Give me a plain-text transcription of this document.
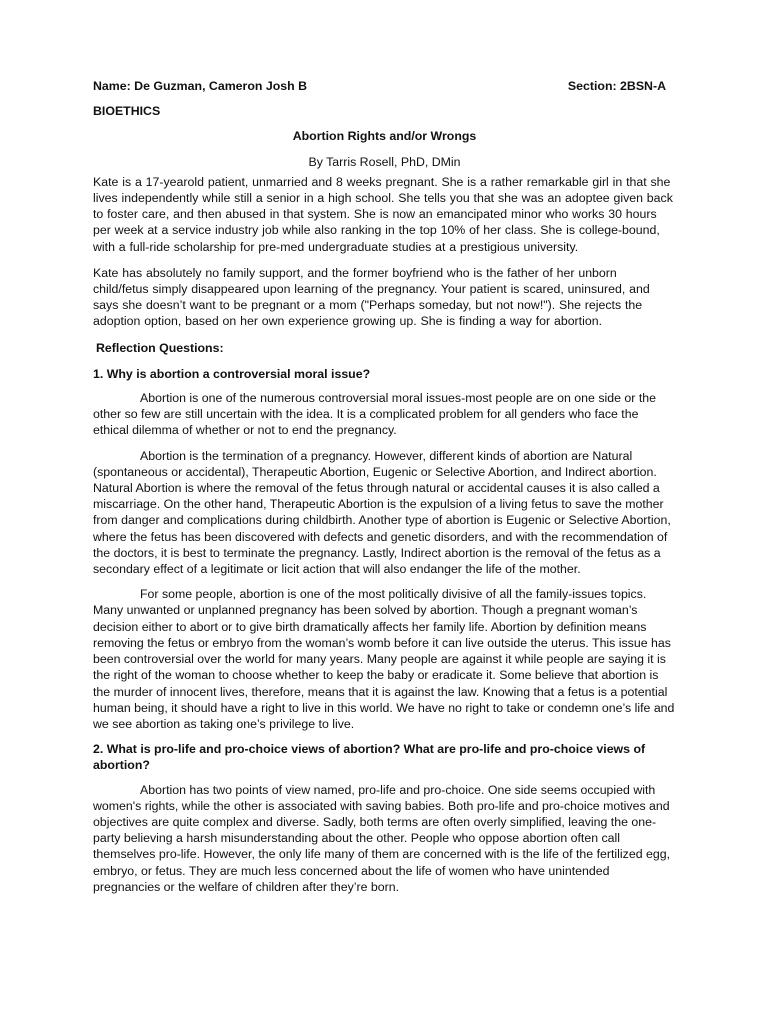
Name: De Guzman, Cameron Josh B	Section: 2BSN-A
BIOETHICS
Abortion Rights and/or Wrongs
By Tarris Rosell, PhD, DMin

Kate is a 17-yearold patient, unmarried and 8 weeks pregnant. She is a rather remarkable girl in that she lives independently while still a senior in a high school. She tells you that she was an adoptee given back to foster care, and then abused in that system. She is now an emancipated minor who works 30 hours per week at a service industry job while also ranking in the top 10% of her class. She is college-bound, with a full-ride scholarship for pre-med undergraduate studies at a prestigious university.

Kate has absolutely no family support, and the former boyfriend who is the father of her unborn child/fetus simply disappeared upon learning of the pregnancy. Your patient is scared, uninsured, and says she doesn’t want to be pregnant or a mom ("Perhaps someday, but not now!"). She rejects the adoption option, based on her own experience growing up. She is finding a way for abortion.

Reflection Questions:
1. Why is abortion a controversial moral issue?

Abortion is one of the numerous controversial moral issues-most people are on one side or the other so few are still uncertain with the idea. It is a complicated problem for all genders who face the ethical dilemma of whether or not to end the pregnancy.

Abortion is the termination of a pregnancy. However, different kinds of abortion are Natural (spontaneous or accidental), Therapeutic Abortion, Eugenic or Selective Abortion, and Indirect abortion. Natural Abortion is where the removal of the fetus through natural or accidental causes it is also called a miscarriage. On the other hand, Therapeutic Abortion is the expulsion of a living fetus to save the mother from danger and complications during childbirth. Another type of abortion is Eugenic or Selective Abortion, where the fetus has been discovered with defects and genetic disorders, and with the recommendation of the doctors, it is best to terminate the pregnancy. Lastly, Indirect abortion is the removal of the fetus as a secondary effect of a legitimate or licit action that will also endanger the life of the mother.

For some people, abortion is one of the most politically divisive of all the family-issues topics. Many unwanted or unplanned pregnancy has been solved by abortion. Though a pregnant woman’s decision either to abort or to give birth dramatically affects her family life. Abortion by definition means removing the fetus or embryo from the woman’s womb before it can live outside the uterus. This issue has been controversial over the world for many years. Many people are against it while people are saying it is the right of the woman to choose whether to keep the baby or eradicate it. Some believe that abortion is the murder of innocent lives, therefore, means that it is against the law. Knowing that a fetus is a potential human being, it should have a right to live in this world. We have no right to take or condemn one’s life and we see abortion as taking one’s privilege to live.

2. What is pro-life and pro-choice views of abortion? What are pro-life and pro-choice views of abortion?

Abortion has two points of view named, pro-life and pro-choice. One side seems occupied with women's rights, while the other is associated with saving babies. Both pro-life and pro-choice motives and objectives are quite complex and diverse. Sadly, both terms are often overly simplified, leaving the one-party believing a harsh misunderstanding about the other. People who oppose abortion often call themselves pro-life. However, the only life many of them are concerned with is the life of the fertilized egg, embryo, or fetus. They are much less concerned about the life of women who have unintended pregnancies or the welfare of children after they’re born.
